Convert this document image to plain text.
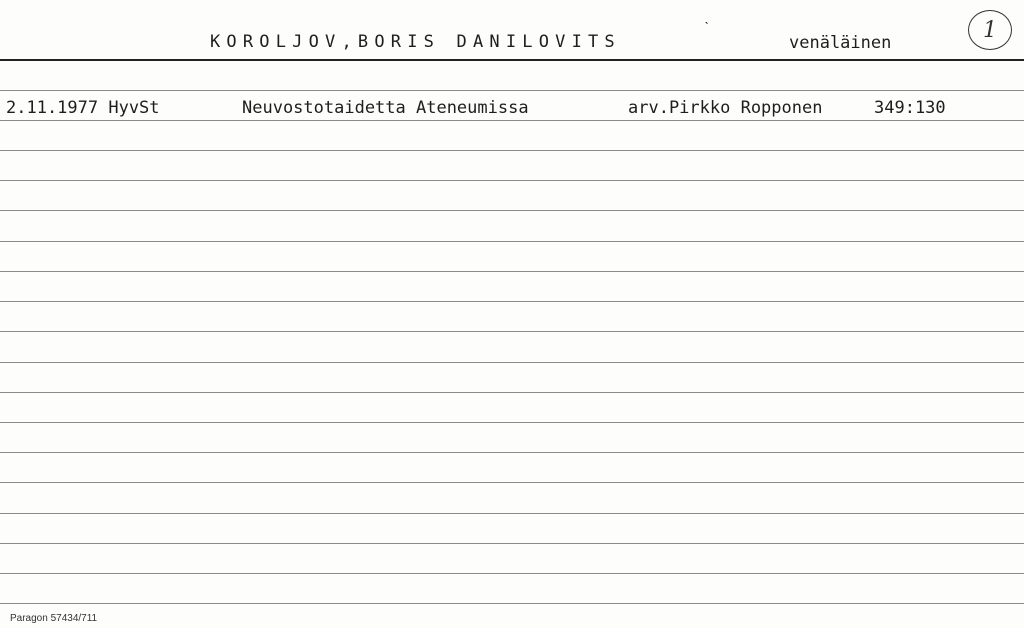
KOROLJOV,BORIS DANILOVITS
ˋ
venäläinen
1
2.11.1977 HyvSt	Neuvostotaidetta Ateneumissa	arv.Pirkko Ropponen	349:130
Paragon 57434/711
